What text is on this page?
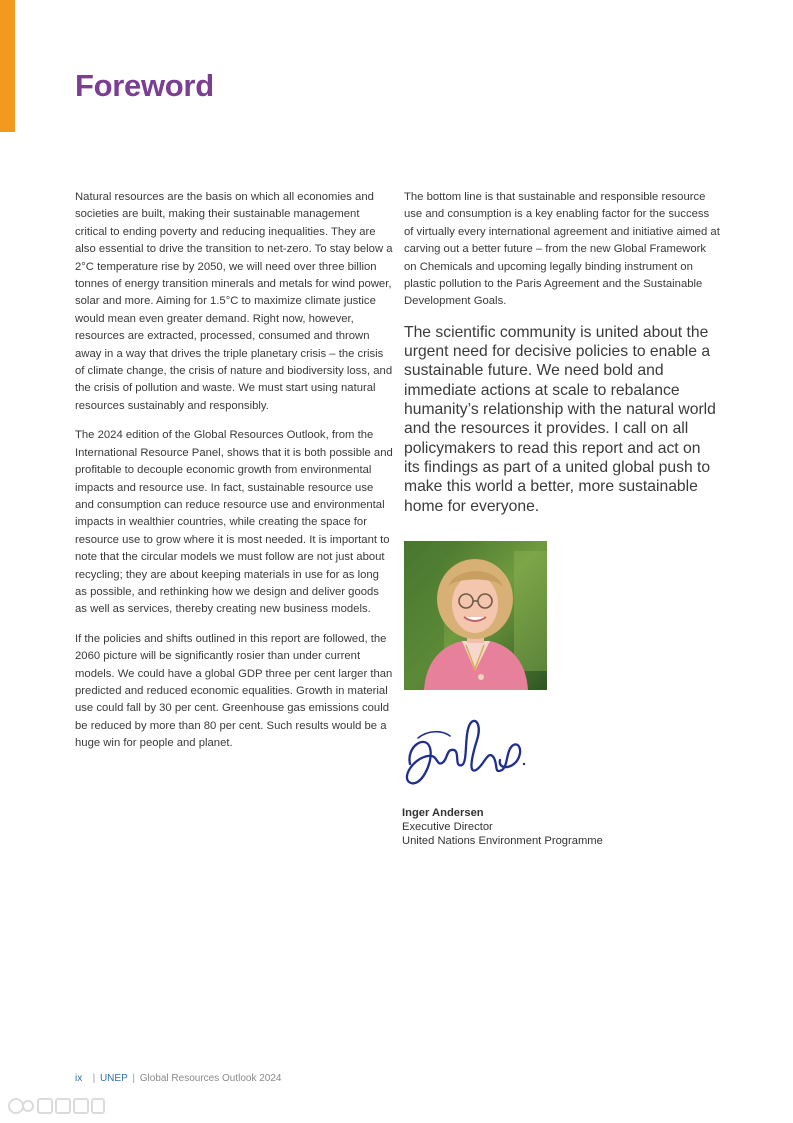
Foreword

Natural resources are the basis on which all economies and societies are built, making their sustainable management critical to ending poverty and reducing inequalities. They are also essential to drive the transition to net-zero. To stay below a 2°C temperature rise by 2050, we will need over three billion tonnes of energy transition minerals and metals for wind power, solar and more. Aiming for 1.5°C to maximize climate justice would mean even greater demand. Right now, however, resources are extracted, processed, consumed and thrown away in a way that drives the triple planetary crisis – the crisis of climate change, the crisis of nature and biodiversity loss, and the crisis of pollution and waste. We must start using natural resources sustainably and responsibly.

The 2024 edition of the Global Resources Outlook, from the International Resource Panel, shows that it is both possible and profitable to decouple economic growth from environmental impacts and resource use. In fact, sustainable resource use and consumption can reduce resource use and environmental impacts in wealthier countries, while creating the space for resource use to grow where it is most needed. It is important to note that the circular models we must follow are not just about recycling; they are about keeping materials in use for as long as possible, and rethinking how we design and deliver goods as well as services, thereby creating new business models.

If the policies and shifts outlined in this report are followed, the 2060 picture will be significantly rosier than under current models. We could have a global GDP three per cent larger than predicted and reduced economic equalities. Growth in material use could fall by 30 per cent. Greenhouse gas emissions could be reduced by more than 80 per cent. Such results would be a huge win for people and planet.

The bottom line is that sustainable and responsible resource use and consumption is a key enabling factor for the success of virtually every international agreement and initiative aimed at carving out a better future – from the new Global Framework on Chemicals and upcoming legally binding instrument on plastic pollution to the Paris Agreement and the Sustainable Development Goals.

The scientific community is united about the urgent need for decisive policies to enable a sustainable future. We need bold and immediate actions at scale to rebalance humanity’s relationship with the natural world and the resources it provides. I call on all policymakers to read this report and act on its findings as part of a united global push to make this world a better, more sustainable home for everyone.
Inger Andersen
Executive Director
United Nations Environment Programme
ix   | UNEP | Global Resources Outlook 2024
